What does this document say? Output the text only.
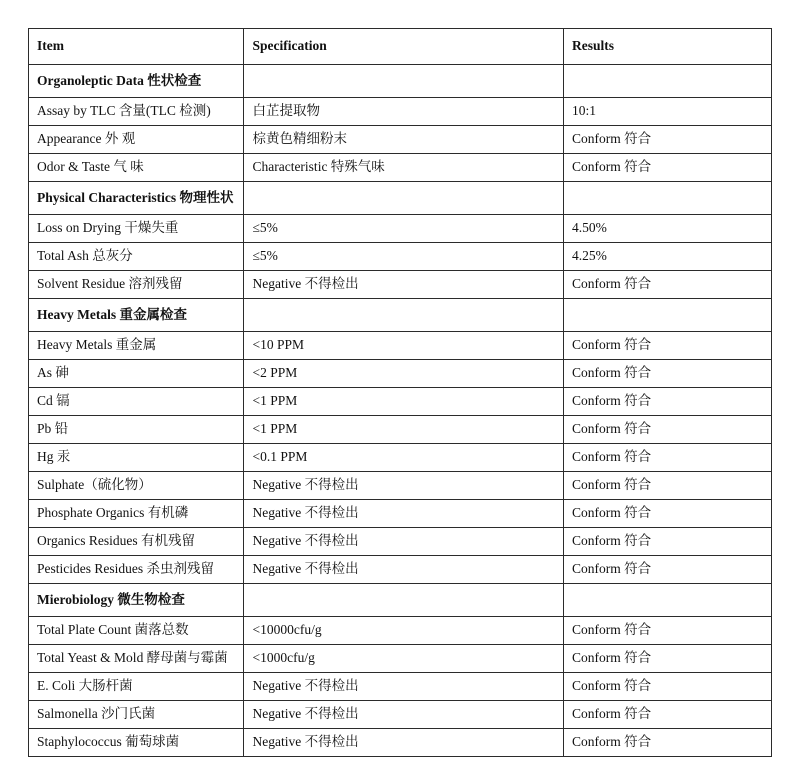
Item	Specification	Results

Organoleptic Data 性状检查		

Assay by TLC 含量(TLC 检测)	白芷提取物	10:1

Appearance 外 观	棕黄色精细粉末	Conform 符合

Odor & Taste 气 味	Characteristic 特殊气味	Conform 符合

Physical Characteristics 物理性状		

Loss on Drying 干燥失重	≤5%	4.50%

Total Ash 总灰分	≤5%	4.25%

Solvent Residue 溶剂残留	Negative 不得检出	Conform 符合

Heavy Metals 重金属检查		

Heavy Metals 重金属	<10 PPM	Conform 符合

As 砷	<2 PPM	Conform 符合

Cd 镉	<1 PPM	Conform 符合

Pb 铅	<1 PPM	Conform 符合

Hg 汞	<0.1 PPM	Conform 符合

Sulphate（硫化物）	Negative 不得检出	Conform 符合

Phosphate Organics 有机磷	Negative 不得检出	Conform 符合

Organics Residues 有机残留	Negative 不得检出	Conform 符合

Pesticides Residues 杀虫剂残留	Negative 不得检出	Conform 符合

Mierobiology 微生物检查		

Total Plate Count 菌落总数	<10000cfu/g	Conform 符合

Total Yeast & Mold 酵母菌与霉菌	<1000cfu/g	Conform 符合

E. Coli 大肠杆菌	Negative 不得检出	Conform 符合

Salmonella 沙门氏菌	Negative 不得检出	Conform 符合

Staphylococcus 葡萄球菌	Negative 不得检出	Conform 符合
